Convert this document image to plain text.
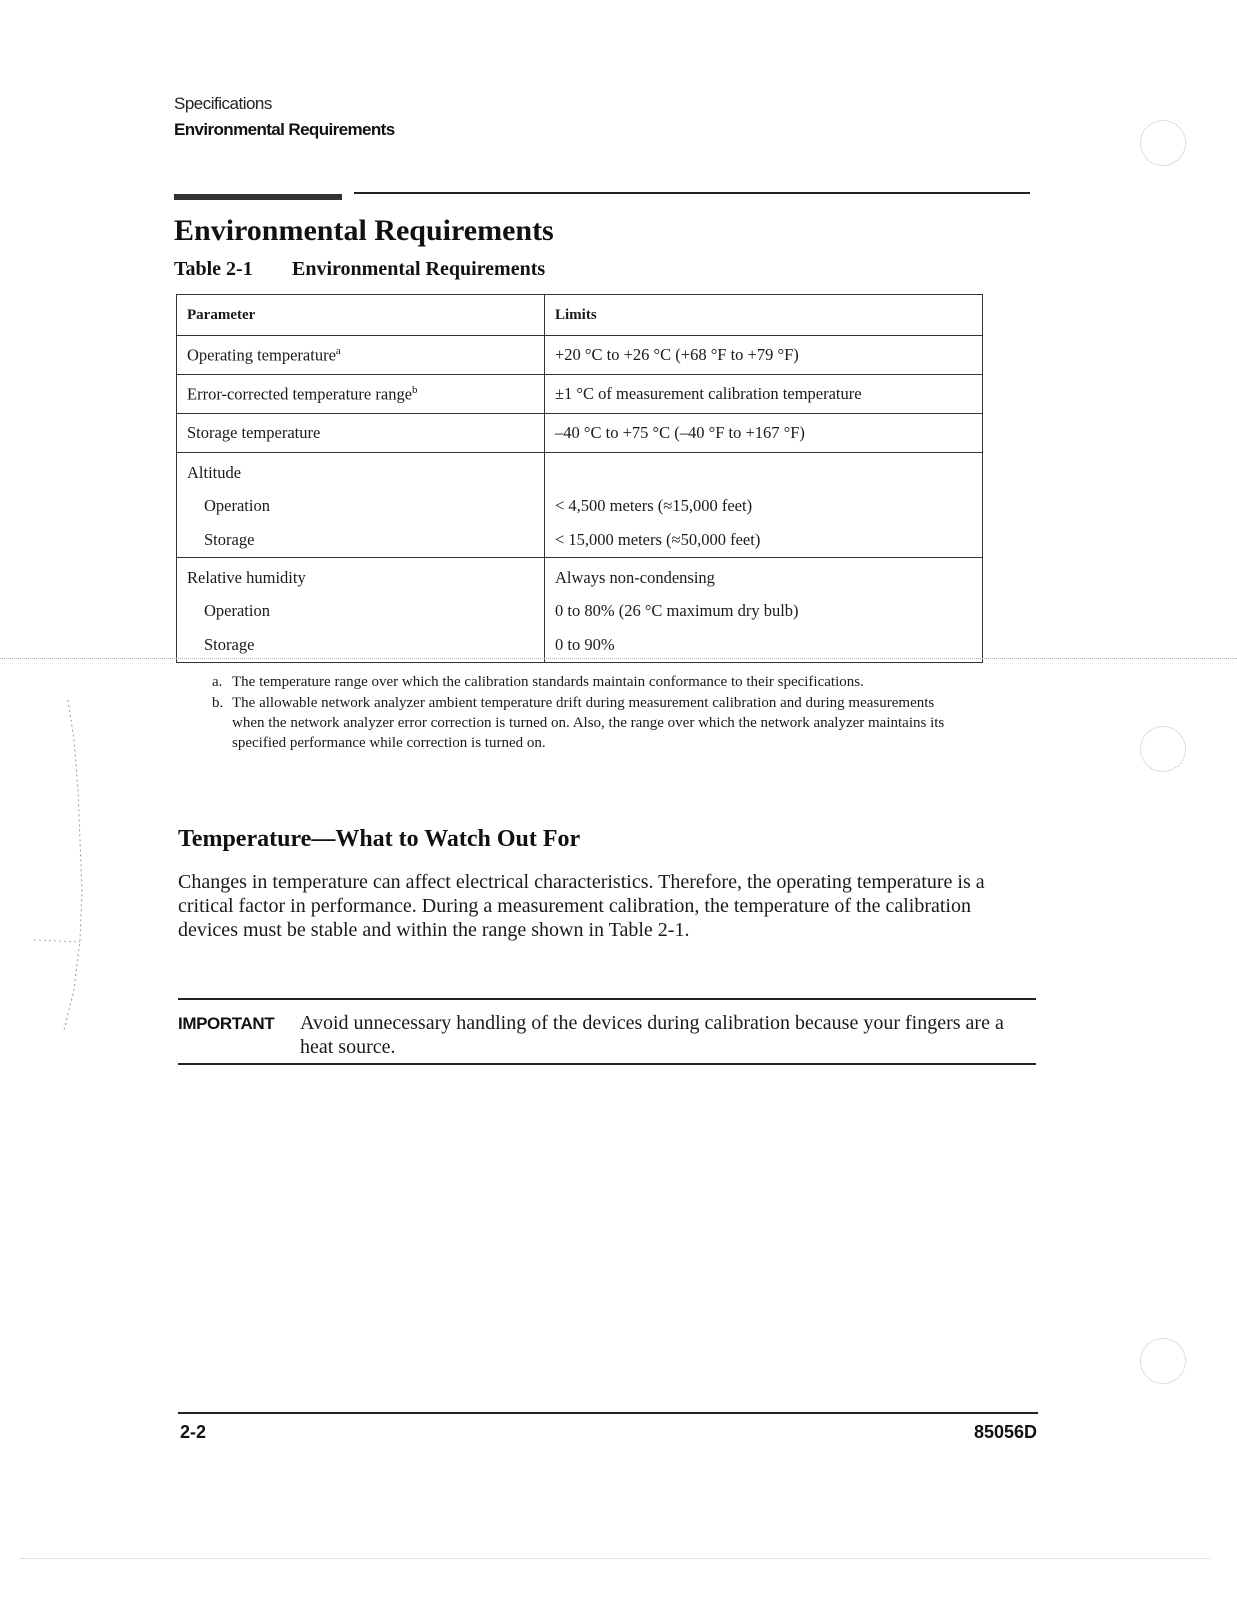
Specifications
Environmental Requirements
Environmental Requirements
Table 2-1 Environmental Requirements
Parameter	Limits
Operating temperature$^a$	+20 °C to +26 °C (+68 °F to +79 °F)
Error-corrected temperature range$^b$	±1 °C of measurement calibration temperature
Storage temperature	–40 °C to +75 °C (–40 °F to +167 °F)
Altitude	
Operation	< 4,500 meters (≈15,000 feet)
Storage	< 15,000 meters (≈50,000 feet)
Relative humidity	Always non-condensing
Operation	0 to 80% (26 °C maximum dry bulb)
Storage	0 to 90%
a. The temperature range over which the calibration standards maintain conformance to their specifications.
b. The allowable network analyzer ambient temperature drift during measurement calibration and during measurements when the network analyzer error correction is turned on. Also, the range over which the network analyzer maintains its specified performance while correction is turned on.
Temperature—What to Watch Out For

Changes in temperature can affect electrical characteristics. Therefore, the operating temperature is a critical factor in performance. During a measurement calibration, the temperature of the calibration devices must be stable and within the range shown in Table 2-1.

IMPORTANT Avoid unnecessary handling of the devices during calibration because your fingers are a heat source.

2-2	85056D
